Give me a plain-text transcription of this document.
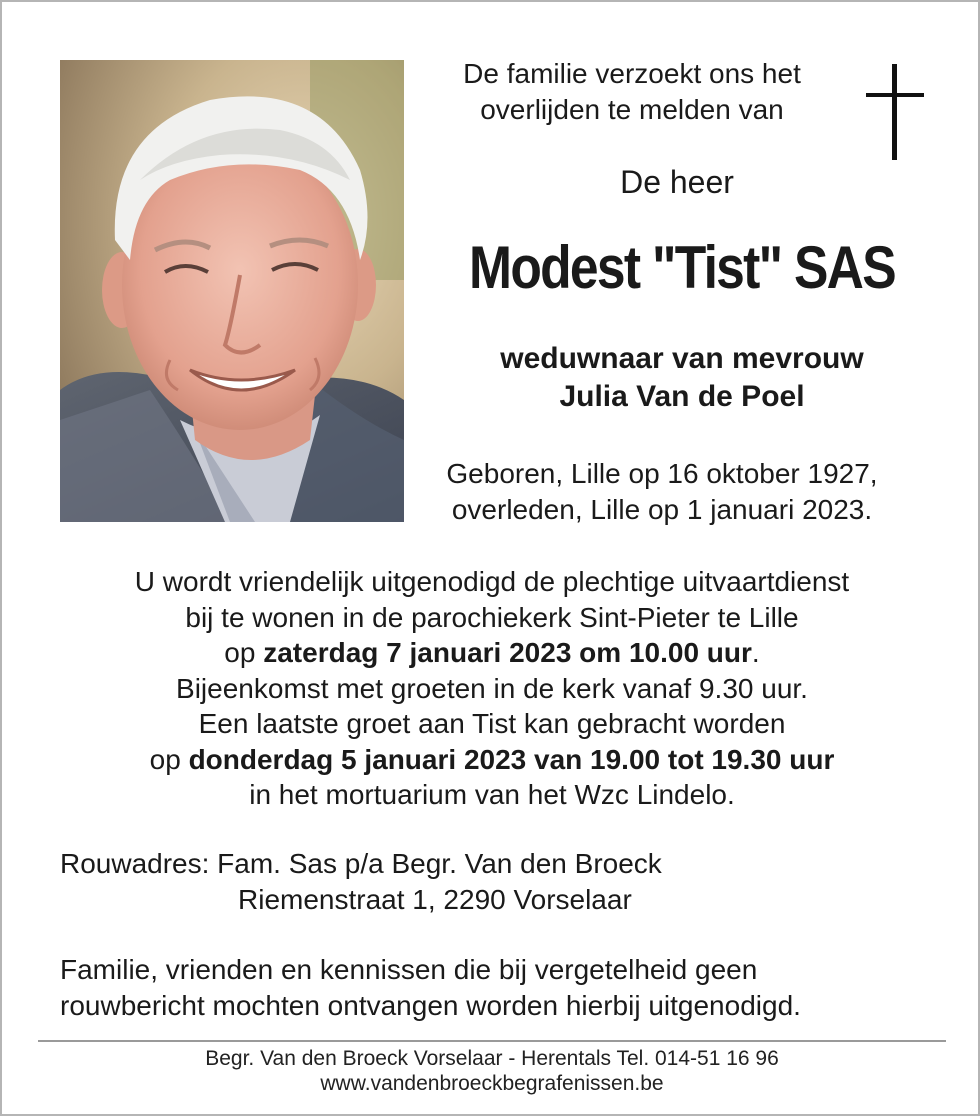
De familie verzoekt ons het
overlijden te melden van
De heer
Modest "Tist" SAS
weduwnaar van mevrouw
Julia Van de Poel
Geboren, Lille op 16 oktober 1927,
overleden, Lille op 1 januari 2023.
U wordt vriendelijk uitgenodigd de plechtige uitvaartdienst
bij te wonen in de parochiekerk Sint-Pieter te Lille
op zaterdag 7 januari 2023 om 10.00 uur.
Bijeenkomst met groeten in de kerk vanaf 9.30 uur.
Een laatste groet aan Tist kan gebracht worden
op donderdag 5 januari 2023 van 19.00 tot 19.30 uur
in het mortuarium van het Wzc Lindelo.
Rouwadres: Fam. Sas p/a Begr. Van den Broeck
Riemenstraat 1, 2290 Vorselaar
Familie, vrienden en kennissen die bij vergetelheid geen
rouwbericht mochten ontvangen worden hierbij uitgenodigd.
Begr. Van den Broeck Vorselaar - Herentals Tel. 014-51 16 96
www.vandenbroeckbegrafenissen.be
